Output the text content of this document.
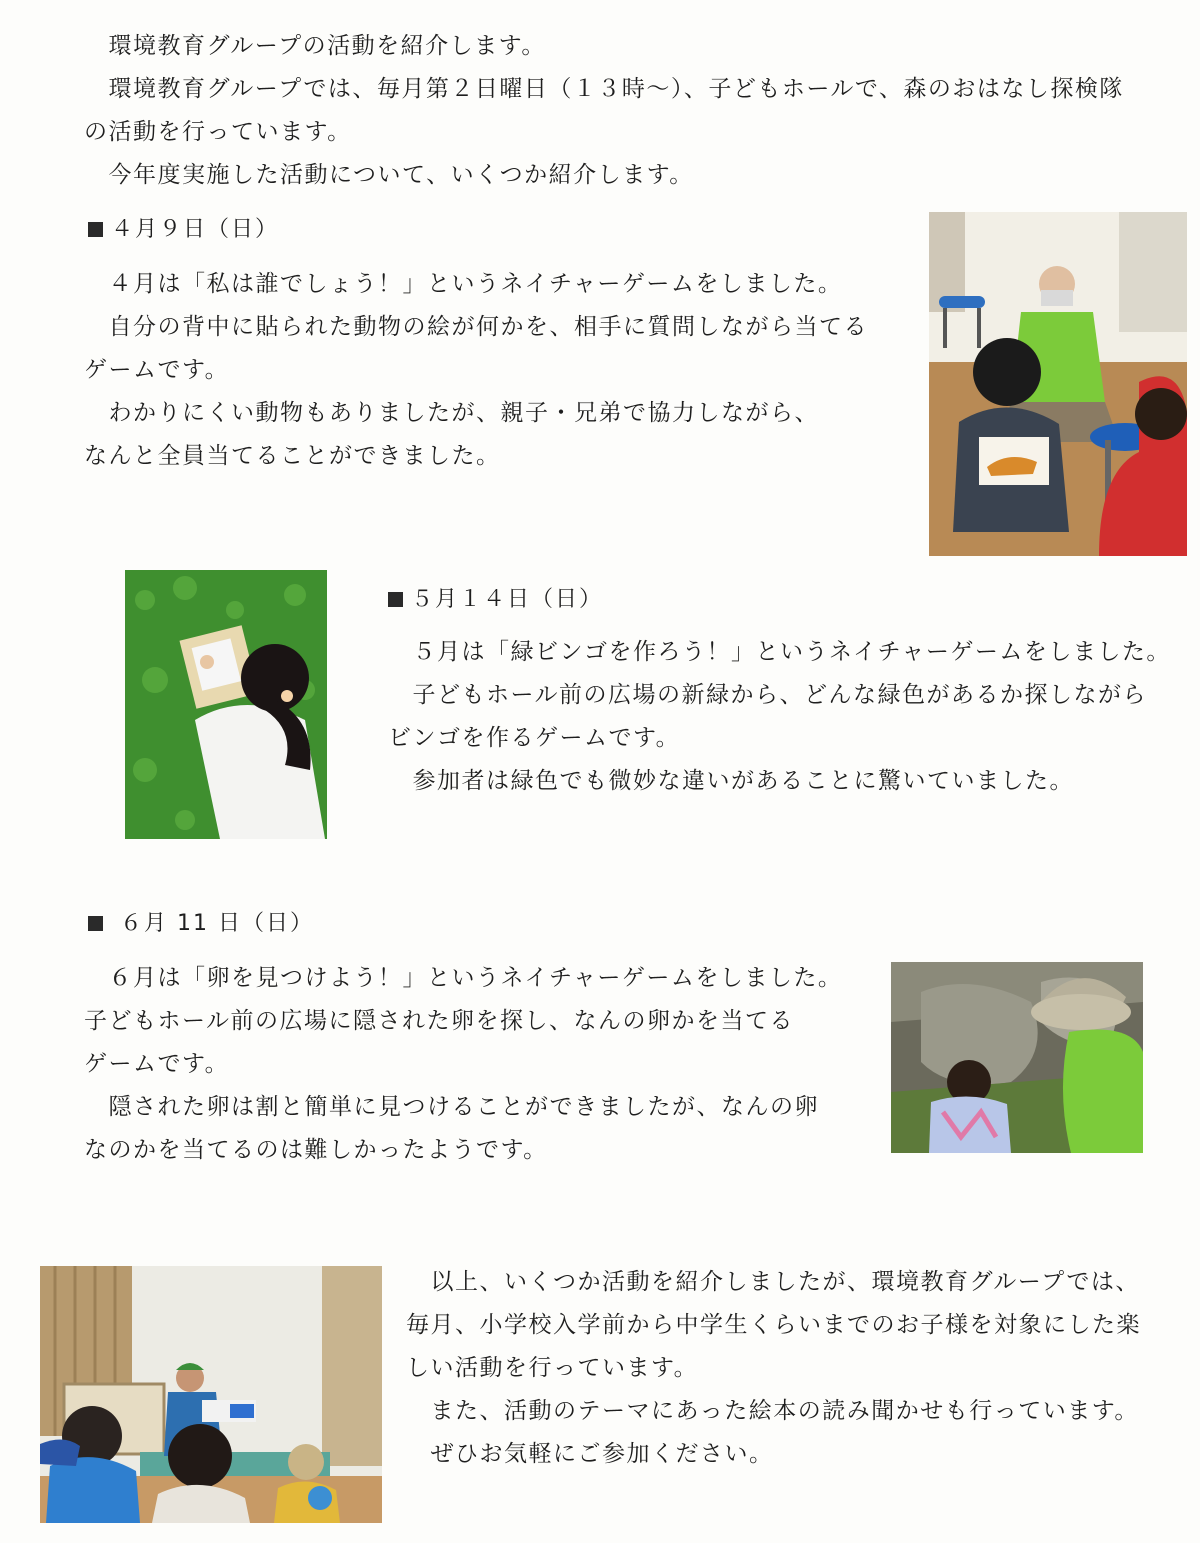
　環境教育グループの活動を紹介します。
　環境教育グループでは、毎月第２日曜日（１３時～）、子どもホールで、森のおはなし探検隊
の活動を行っています。
　今年度実施した活動について、いくつか紹介します。
４月９日（日）
　４月は「私は誰でしょう！」というネイチャーゲームをしました。
　自分の背中に貼られた動物の絵が何かを、相手に質問しながら当てる
ゲームです。
　わかりにくい動物もありましたが、親子・兄弟で協力しながら、
なんと全員当てることができました。
５月１４日（日）
　５月は「緑ビンゴを作ろう！」というネイチャーゲームをしました。
　子どもホール前の広場の新緑から、どんな緑色があるか探しながら
ビンゴを作るゲームです。
　参加者は緑色でも微妙な違いがあることに驚いていました。
６月 11 日（日）
　６月は「卵を見つけよう！」というネイチャーゲームをしました。
子どもホール前の広場に隠された卵を探し、なんの卵かを当てる
ゲームです。
　隠された卵は割と簡単に見つけることができましたが、なんの卵
なのかを当てるのは難しかったようです。
　以上、いくつか活動を紹介しましたが、環境教育グループでは、
毎月、小学校入学前から中学生くらいまでのお子様を対象にした楽
しい活動を行っています。
　また、活動のテーマにあった絵本の読み聞かせも行っています。
　ぜひお気軽にご参加ください。
